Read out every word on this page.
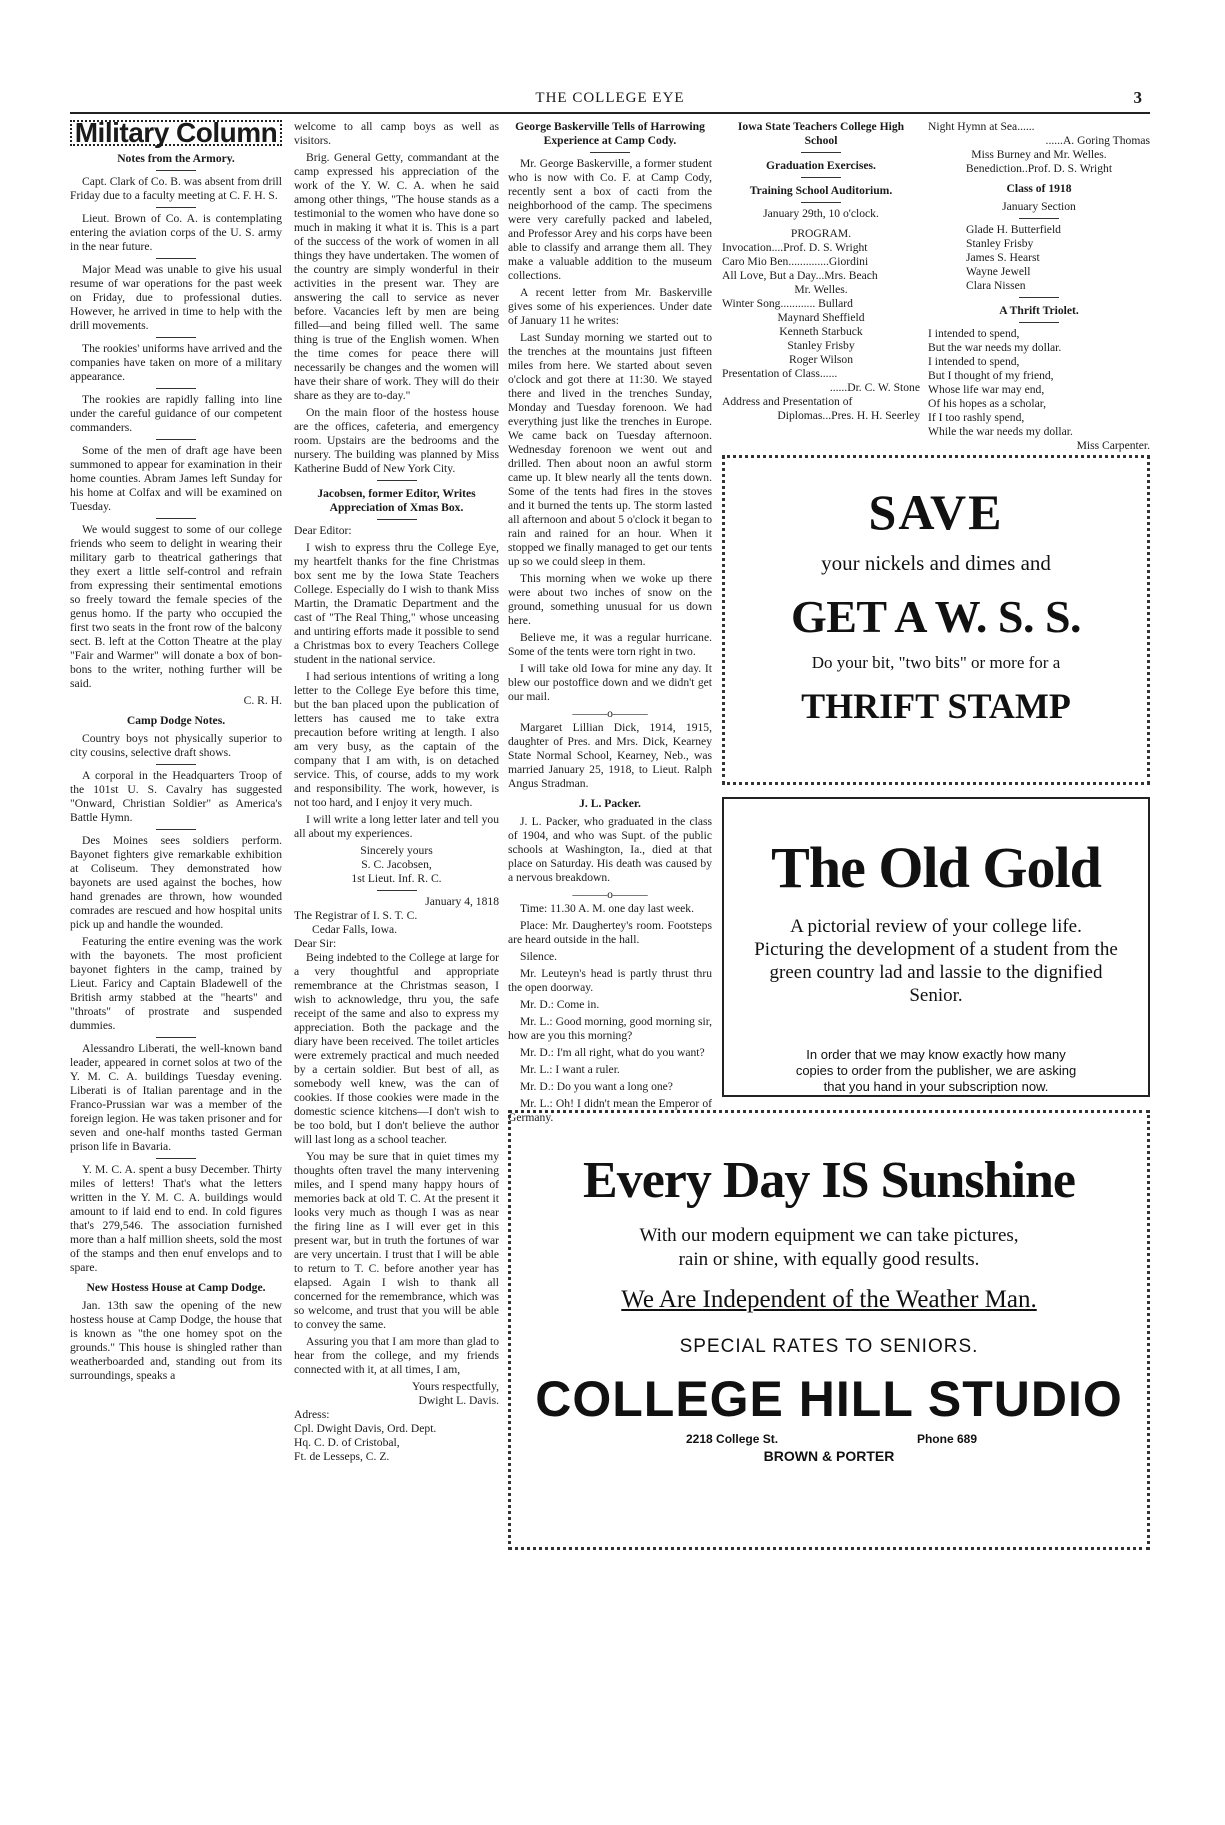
THE COLLEGE EYE	3
Military Column
Notes from the Armory.

Capt. Clark of Co. B. was absent from drill Friday due to a faculty meeting at C. F. H. S.

Lieut. Brown of Co. A. is contemplating entering the aviation corps of the U. S. army in the near future.

Major Mead was unable to give his usual resume of war operations for the past week on Friday, due to professional duties. However, he arrived in time to help with the drill movements.

The rookies' uniforms have arrived and the companies have taken on more of a military appearance.

The rookies are rapidly falling into line under the careful guidance of our competent commanders.

Some of the men of draft age have been summoned to appear for examination in their home counties. Abram James left Sunday for his home at Colfax and will be examined on Tuesday.

We would suggest to some of our college friends who seem to delight in wearing their military garb to theatrical gatherings that they exert a little self-control and refrain from expressing their sentimental emotions so freely toward the female species of the genus homo. If the party who occupied the first two seats in the front row of the balcony sect. B. left at the Cotton Theatre at the play "Fair and Warmer" will donate a box of bon-bons to the writer, nothing further will be said.

C. R. H.
Camp Dodge Notes.

Country boys not physically superior to city cousins, selective draft shows.

A corporal in the Headquarters Troop of the 101st U. S. Cavalry has suggested "Onward, Christian Soldier" as America's Battle Hymn.

Des Moines sees soldiers perform. Bayonet fighters give remarkable exhibition at Coliseum. They demonstrated how bayonets are used against the boches, how hand grenades are thrown, how wounded comrades are rescued and how hospital units pick up and handle the wounded.

Featuring the entire evening was the work with the bayonets. The most proficient bayonet fighters in the camp, trained by Lieut. Faricy and Captain Bladewell of the British army stabbed at the "hearts" and "throats" of prostrate and suspended dummies.

Alessandro Liberati, the well-known band leader, appeared in cornet solos at two of the Y. M. C. A. buildings Tuesday evening. Liberati is of Italian parentage and in the Franco-Prussian war was a member of the foreign legion. He was taken prisoner and for seven and one-half months tasted German prison life in Bavaria.

Y. M. C. A. spent a busy December. Thirty miles of letters! That's what the letters written in the Y. M. C. A. buildings would amount to if laid end to end. In cold figures that's 279,546. The association furnished more than a half million sheets, sold the most of the stamps and then enuf envelops and to spare.

New Hostess House at Camp Dodge.

Jan. 13th saw the opening of the new hostess house at Camp Dodge, the house that is known as "the one homey spot on the grounds." This house is shingled rather than weatherboarded and, standing out from its surroundings, speaks a

welcome to all camp boys as well as visitors.

Brig. General Getty, commandant at the camp expressed his appreciation of the work of the Y. W. C. A. when he said among other things, "The house stands as a testimonial to the women who have done so much in making it what it is. This is a part of the success of the work of women in all things they have undertaken. The women of the country are simply wonderful in their activities in the present war. They are answering the call to service as never before. Vacancies left by men are being filled—and being filled well. The same thing is true of the English women. When the time comes for peace there will necessarily be changes and the women will have their share of work. They will do their share as they are to-day."

On the main floor of the hostess house are the offices, cafeteria, and emergency room. Upstairs are the bedrooms and the nursery. The building was planned by Miss Katherine Budd of New York City.

Jacobsen, former Editor, Writes Appreciation of Xmas Box.

Dear Editor:

I wish to express thru the College Eye, my heartfelt thanks for the fine Christmas box sent me by the Iowa State Teachers College. Especially do I wish to thank Miss Martin, the Dramatic Department and the cast of "The Real Thing," whose unceasing and untiring efforts made it possible to send a Christmas box to every Teachers College student in the national service.

I had serious intentions of writing a long letter to the College Eye before this time, but the ban placed upon the publication of letters has caused me to take extra precaution before writing at length. I also am very busy, as the captain of the company that I am with, is on detached service. This, of course, adds to my work and responsibility. The work, however, is not too hard, and I enjoy it very much.

I will write a long letter later and tell you all about my experiences.

Sincerely yours
S. C. Jacobsen,
1st Lieut. Inf. R. C.
January 4, 1818
The Registrar of I. S. T. C.
Cedar Falls, Iowa.
Dear Sir:

Being indebted to the College at large for a very thoughtful and appropriate remembrance at the Christmas season, I wish to acknowledge, thru you, the safe receipt of the same and also to express my appreciation. Both the package and the diary have been received. The toilet articles were extremely practical and much needed by a certain soldier. But best of all, as somebody well knew, was the can of cookies. If those cookies were made in the domestic science kitchens—I don't wish to be too bold, but I don't believe the author will last long as a school teacher.

You may be sure that in quiet times my thoughts often travel the many intervening miles, and I spend many happy hours of memories back at old T. C. At the present it looks very much as though I was as near the firing line as I will ever get in this present war, but in truth the fortunes of war are very uncertain. I trust that I will be able to return to T. C. before another year has elapsed. Again I wish to thank all concerned for the remembrance, which was so welcome, and trust that you will be able to convey the same.

Assuring you that I am more than glad to hear from the college, and my friends connected with it, at all times, I am,

Yours respectfully,
Dwight L. Davis.
Adress:
Cpl. Dwight Davis, Ord. Dept.
Hq. C. D. of Cristobal,
Ft. de Lesseps, C. Z.
George Baskerville Tells of Harrowing Experience at Camp Cody.

Mr. George Baskerville, a former student who is now with Co. F. at Camp Cody, recently sent a box of cacti from the neighborhood of the camp. The specimens were very carefully packed and labeled, and Professor Arey and his corps have been able to classify and arrange them all. They make a valuable addition to the museum collections.

A recent letter from Mr. Baskerville gives some of his experiences. Under date of January 11 he writes:

Last Sunday morning we started out to the trenches at the mountains just fifteen miles from here. We started about seven o'clock and got there at 11:30. We stayed there and lived in the trenches Sunday, Monday and Tuesday forenoon. We had everything just like the trenches in Europe. We came back on Tuesday afternoon. Wednesday forenoon we went out and drilled. Then about noon an awful storm came up. It blew nearly all the tents down. Some of the tents had fires in the stoves and it burned the tents up. The storm lasted all afternoon and about 5 o'clock it began to rain and rained for an hour. When it stopped we finally managed to get our tents up so we could sleep in them.

This morning when we woke up there were about two inches of snow on the ground, something unusual for us down here.

Believe me, it was a regular hurricane. Some of the tents were torn right in two.

I will take old Iowa for mine any day. It blew our postoffice down and we didn't get our mail.

———o———

Margaret Lillian Dick, 1914, 1915, daughter of Pres. and Mrs. Dick, Kearney State Normal School, Kearney, Neb., was married January 25, 1918, to Lieut. Ralph Angus Stradman.

J. L. Packer.

J. L. Packer, who graduated in the class of 1904, and who was Supt. of the public schools at Washington, Ia., died at that place on Saturday. His death was caused by a nervous breakdown.

———o———

Time: 11.30 A. M. one day last week.

Place: Mr. Daughertey's room. Footsteps are heard outside in the hall.

Silence.

Mr. Leuteyn's head is partly thrust thru the open doorway.

Mr. D.: Come in.

Mr. L.: Good morning, good morning sir, how are you this morning?

Mr. D.: I'm all right, what do you want?

Mr. L.: I want a ruler.

Mr. D.: Do you want a long one?

Mr. L.: Oh! I didn't mean the Emperor of Germany.

Iowa State Teachers College High School
Graduation Exercises.
Training School Auditorium.
January 29th, 10 o'clock.
PROGRAM.
Invocation....Prof. D. S. Wright
Caro Mio Ben..............Giordini
All Love, But a Day...Mrs. Beach
Mr. Welles.
Winter Song............ Bullard
Maynard Sheffield
Kenneth Starbuck
Stanley Frisby
Roger Wilson
Presentation of Class......
......Dr. C. W. Stone
Address and Presentation of
Diplomas...Pres. H. H. Seerley
Night Hymn at Sea......
......A. Goring Thomas
Miss Burney and Mr. Welles.
Benediction..Prof. D. S. Wright
Class of 1918
January Section
Glade H. Butterfield
Stanley Frisby
James S. Hearst
Wayne Jewell
Clara Nissen
A Thrift Triolet.
I intended to spend,
But the war needs my dollar.
I intended to spend,
But I thought of my friend,
Whose life war may end,
Of his hopes as a scholar,
If I too rashly spend,
While the war needs my dollar.
Miss Carpenter.
SAVE
your nickels and dimes and
GET A W. S. S.
Do your bit, "two bits" or more for a
THRIFT STAMP
The Old Gold
A pictorial review of your college life. Picturing the development of a student from the green country lad and lassie to the dignified Senior.
In order that we may know exactly how many copies to order from the publisher, we are asking that you hand in your subscription now.
Every Day IS Sunshine
With our modern equipment we can take pictures, rain or shine, with equally good results.
We Are Independent of the Weather Man.
SPECIAL RATES TO SENIORS.
COLLEGE HILL STUDIO
2218 College St.	Phone 689
BROWN & PORTER
